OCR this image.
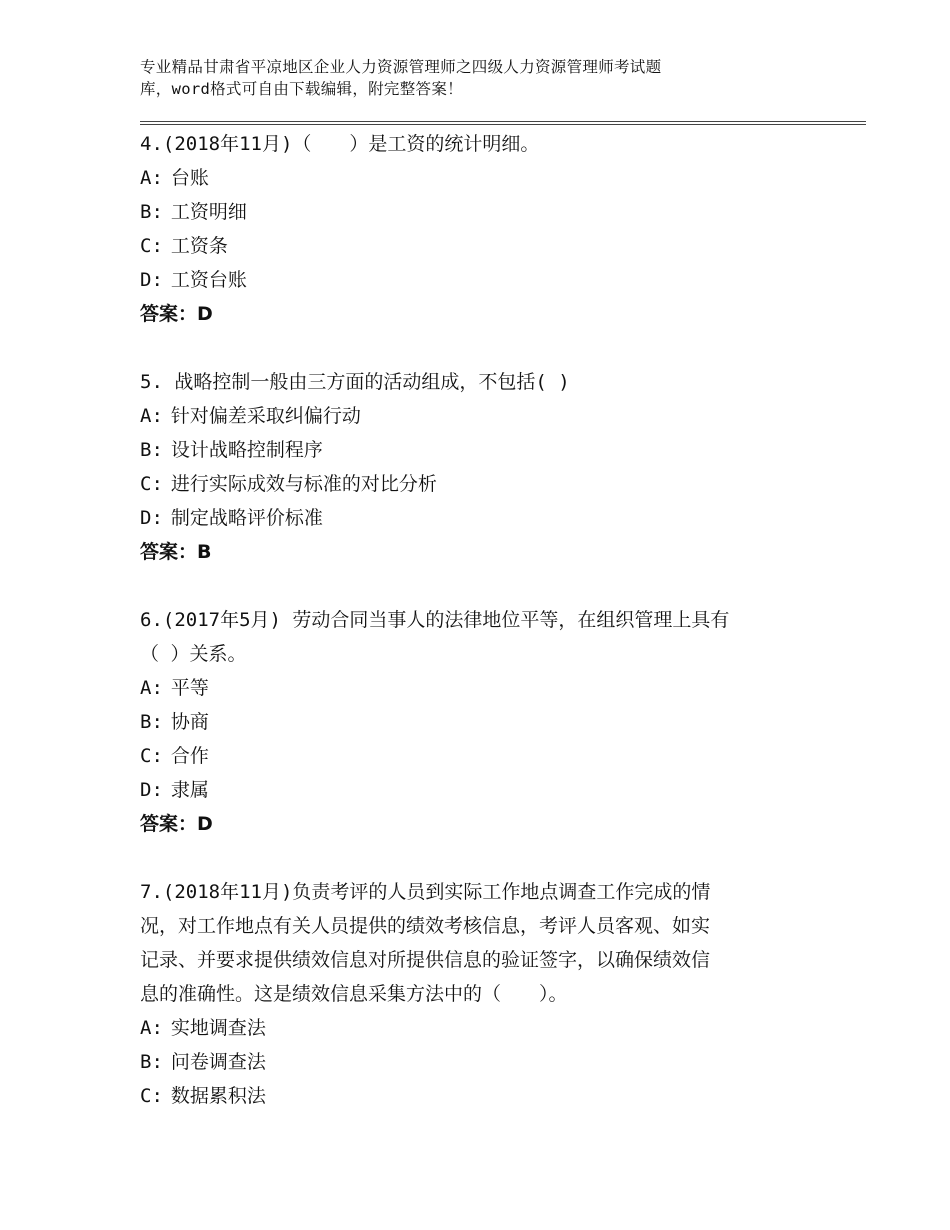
专业精品甘肃省平凉地区企业人力资源管理师之四级人力资源管理师考试题
库，word格式可自由下载编辑，附完整答案！
4.(2018年11月)（　　）是工资的统计明细。
A: 台账
B: 工资明细
C: 工资条
D: 工资台账
答案：D
5. 战略控制一般由三方面的活动组成，不包括( )
A: 针对偏差采取纠偏行动
B: 设计战略控制程序
C: 进行实际成效与标准的对比分析
D: 制定战略评价标准
答案：B
6.(2017年5月) 劳动合同当事人的法律地位平等，在组织管理上具有
（ ）关系。
A: 平等
B: 协商
C: 合作
D: 隶属
答案：D
7.(2018年11月)负责考评的人员到实际工作地点调查工作完成的情
况，对工作地点有关人员提供的绩效考核信息，考评人员客观、如实
记录、并要求提供绩效信息对所提供信息的验证签字，以确保绩效信
息的准确性。这是绩效信息采集方法中的（　　）。
A: 实地调查法
B: 问卷调查法
C: 数据累积法
